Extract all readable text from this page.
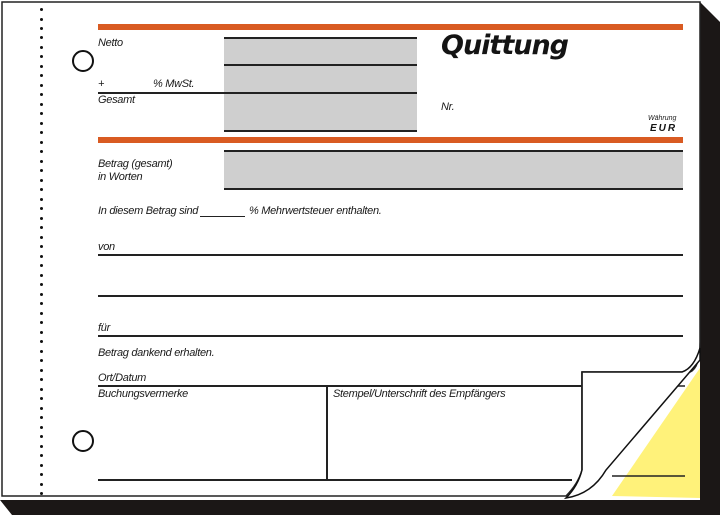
Netto
+	% MwSt.
Gesamt
Quittung
Nr.
Währung
EUR
Betrag (gesamt)
in Worten
In diesem Betrag sind	% Mehrwertsteuer enthalten.
von
für
Betrag dankend erhalten.
Ort/Datum
Buchungsvermerke	Stempel/Unterschrift des Empfängers
